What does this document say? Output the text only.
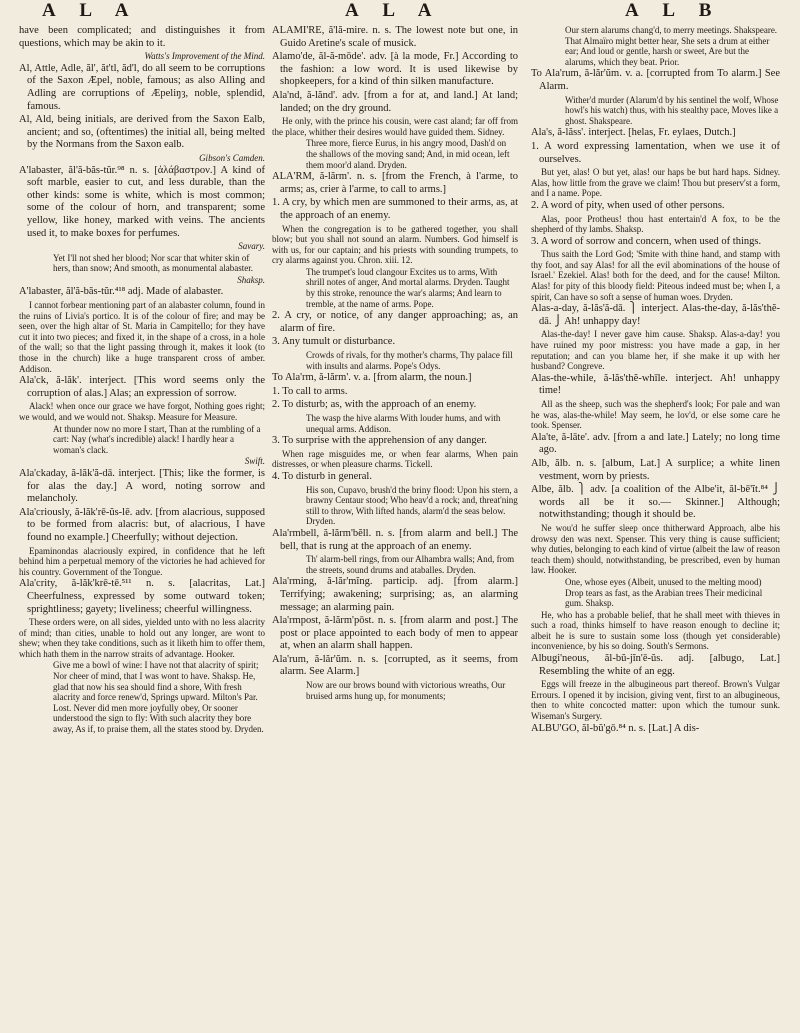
A L A	A L A	A L B

have been complicated; and distinguishes it from questions, which may be akin to it.

Watts's Improvement of the Mind.

Al, Attle, Adle, ăl', ăt'tl, ăd'l, do all seem to be corruptions of the Saxon Æpel, noble, famous; as also Alling and Adling are corruptions of Æpeliŋȝ, noble, splendid, famous.

Al, Ald, being initials, are derived from the Saxon Ealb, ancient; and so, (oftentimes) the initial all, being melted by the Normans from the Saxon ealb.

Gibson's Camden.

A'labaster, ăl'ă-băs-tŭr.⁹⁸ n. s. [ἀλάβαστρον.] A kind of soft marble, easier to cut, and less durable, than the other kinds: some is white, which is most common; some of the colour of horn, and transparent; some yellow, like honey, marked with veins. The ancients used it, to make boxes for perfumes.

Savary.

Yet I'll not shed her blood; Nor scar that whiter skin of hers, than snow; And smooth, as monumental alabaster.

Shaksp.

A'labaster, ăl'ă-băs-tŭr.⁴¹⁸ adj. Made of alabaster.

I cannot forbear mentioning part of an alabaster column, found in the ruins of Livia's portico. It is of the colour of fire; and may be seen, over the high altar of St. Maria in Campitello; for they have cut it into two pieces; and fixed it, in the shape of a cross, in a hole of the wall; so that the light passing through it, makes it look (to those in the church) like a huge transparent cross of amber. Addison.

Ala'ck, ă-lăk'. interject. [This word seems only the corruption of alas.] Alas; an expression of sorrow.

Alack! when once our grace we have forgot, Nothing goes right; we would, and we would not. Shaksp. Measure for Measure.

At thunder now no more I start, Than at the rumbling of a cart: Nay (what's incredible) alack! I hardly hear a woman's clack.

Swift.

Ala'ckaday, ă-lăk'ă-dā. interject. [This; like the former, is for alas the day.] A word, noting sorrow and melancholy.

Ala'criously, ă-lăk'rē-ŭs-lē. adv. [from alacrious, supposed to be formed from alacris: but, of alacrious, I have found no example.] Cheerfully; without dejection.

Epaminondas alacriously expired, in confidence that he left behind him a perpetual memory of the victories he had achieved for his country. Government of the Tongue.

Ala'crity, ă-lăk'krē-tē.⁵¹¹ n. s. [alacritas, Lat.] Cheerfulness, expressed by some outward token; sprightliness; gayety; liveliness; cheerful willingness.

These orders were, on all sides, yielded unto with no less alacrity of mind; than cities, unable to hold out any longer, are wont to shew; when they take conditions, such as it liketh him to offer them, which hath them in the narrow straits of advantage. Hooker.

Give me a bowl of wine: I have not that alacrity of spirit; Nor cheer of mind, that I was wont to have. Shaksp. He, glad that now his sea should find a shore, With fresh alacrity and force renew'd, Springs upward. Milton's Par. Lost. Never did men more joyfully obey, Or sooner understood the sign to fly: With such alacrity they bore away, As if, to praise them, all the states stood by. Dryden.

ALAMI'RE, ă'lă-mire. n. s. The lowest note but one, in Guido Aretine's scale of musick.

Alamo'de, ăl-ă-mōde'. adv. [à la mode, Fr.] According to the fashion: a low word. It is used likewise by shopkeepers, for a kind of thin silken manufacture.

Ala'nd, ă-lănd'. adv. [from a for at, and land.] At land; landed; on the dry ground.

He only, with the prince his cousin, were cast aland; far off from the place, whither their desires would have guided them. Sidney.

Three more, fierce Eurus, in his angry mood, Dash'd on the shallows of the moving sand; And, in mid ocean, left them moor'd aland. Dryden.

ALA'RM, ă-lărm'. n. s. [from the French, à l'arme, to arms; as, crier à l'arme, to call to arms.]

1. A cry, by which men are summoned to their arms, as, at the approach of an enemy.

When the congregation is to be gathered together, you shall blow; but you shall not sound an alarm. Numbers. God himself is with us, for our captain; and his priests with sounding trumpets, to cry alarms against you. Chron. xiii. 12.

The trumpet's loud clangour Excites us to arms, With shrill notes of anger, And mortal alarms. Dryden. Taught by this stroke, renounce the war's alarms; And learn to tremble, at the name of arms. Pope.

2. A cry, or notice, of any danger approaching; as, an alarm of fire.

3. Any tumult or disturbance.

Crowds of rivals, for thy mother's charms, Thy palace fill with insults and alarms. Pope's Odys.

To Ala'rm, ă-lărm'. v. a. [from alarm, the noun.]

1. To call to arms.

2. To disturb; as, with the approach of an enemy.

The wasp the hive alarms With louder hums, and with unequal arms. Addison.

3. To surprise with the apprehension of any danger.

When rage misguides me, or when fear alarms, When pain distresses, or when pleasure charms. Tickell.

4. To disturb in general.

His son, Cupavo, brush'd the briny flood: Upon his stern, a brawny Centaur stood; Who heav'd a rock; and, threat'ning still to throw, With lifted hands, alarm'd the seas below. Dryden.

Ala'rmbell, ă-lărm'bĕll. n. s. [from alarm and bell.] The bell, that is rung at the approach of an enemy.

Th' alarm-bell rings, from our Alhambra walls; And, from the streets, sound drums and ataballes. Dryden.

Ala'rming, ă-lăr'mĭng. particip. adj. [from alarm.] Terrifying; awakening; surprising; as, an alarming message; an alarming pain.

Ala'rmpost, ă-lărm'pōst. n. s. [from alarm and post.] The post or place appointed to each body of men to appear at, when an alarm shall happen.

Ala'rum, ă-lăr'ŭm. n. s. [corrupted, as it seems, from alarm. See Alarm.]

Now are our brows bound with victorious wreaths, Our bruised arms hung up, for monuments;

Our stern alarums chang'd, to merry meetings. Shakspeare. That Almaïro might better hear, She sets a drum at either ear; And loud or gentle, harsh or sweet, Are but the alarums, which they beat. Prior.

To Ala'rum, ă-lăr'ŭm. v. a. [corrupted from To alarm.] See Alarm.

Wither'd murder (Alarum'd by his sentinel the wolf, Whose howl's his watch) thus, with his stealthy pace, Moves like a ghost. Shakspeare.

Ala's, ă-lăss'. interject. [helas, Fr. eylaes, Dutch.]

1. A word expressing lamentation, when we use it of ourselves.

But yet, alas! O but yet, alas! our haps be but hard haps. Sidney. Alas, how little from the grave we claim! Thou but preserv'st a form, and I a name. Pope.

2. A word of pity, when used of other persons.

Alas, poor Protheus! thou hast entertain'd A fox, to be the shepherd of thy lambs. Shaksp.

3. A word of sorrow and concern, when used of things.

Thus saith the Lord God; 'Smite with thine hand, and stamp with thy foot, and say Alas! for all the evil abominations of the house of Israel.' Ezekiel. Alas! both for the deed, and for the cause! Milton. Alas! for pity of this bloody field: Piteous indeed must be; when I, a spirit, Can have so soft a sense of human woes. Dryden.

Alas-a-day, ă-lăs'ă-dā. ⎫ interject. Alas-the-day, ă-lăs'thĕ-dā. ⎭ Ah! unhappy day!

Alas-the-day! I never gave him cause. Shaksp. Alas-a-day! you have ruined my poor mistress: you have made a gap, in her reputation; and can you blame her, if she make it up with her husband? Congreve.

Alas-the-while, ă-lăs'thĕ-whīle. interject. Ah! unhappy time!

All as the sheep, such was the shepherd's look; For pale and wan he was, alas-the-while! May seem, he lov'd, or else some care he took. Spenser.

Ala'te, ă-lāte'. adv. [from a and late.] Lately; no long time ago.

Alb, ălb. n. s. [album, Lat.] A surplice; a white linen vestment, worn by priests.

Albe, ălb. ⎫ adv. [a coalition of the Albe'it, ăl-bē'ĭt.⁸⁴ ⎭ words all be it so.— Skinner.] Although; notwithstanding; though it should be.

Ne wou'd he suffer sleep once thitherward Approach, albe his drowsy den was next. Spenser. This very thing is cause sufficient; why duties, belonging to each kind of virtue (albeit the law of reason teach them) should, notwithstanding, be prescribed, even by human law. Hooker.

One, whose eyes (Albeit, unused to the melting mood) Drop tears as fast, as the Arabian trees Their medicinal gum. Shaksp.

He, who has a probable belief, that he shall meet with thieves in such a road, thinks himself to have reason enough to decline it; albeit he is sure to sustain some loss (though yet considerable) inconvenience, by his so doing. South's Sermons.

Albugi'neous, ăl-bŭ-jĭn'ē-ŭs. adj. [albugo, Lat.] Resembling the white of an egg.

Eggs will freeze in the albugineous part thereof. Brown's Vulgar Errours. I opened it by incision, giving vent, first to an albugineous, then to white concocted matter: upon which the tumour sunk. Wiseman's Surgery.

ALBU'GO, ăl-bŭ'gō.⁸⁴ n. s. [Lat.] A dis-
